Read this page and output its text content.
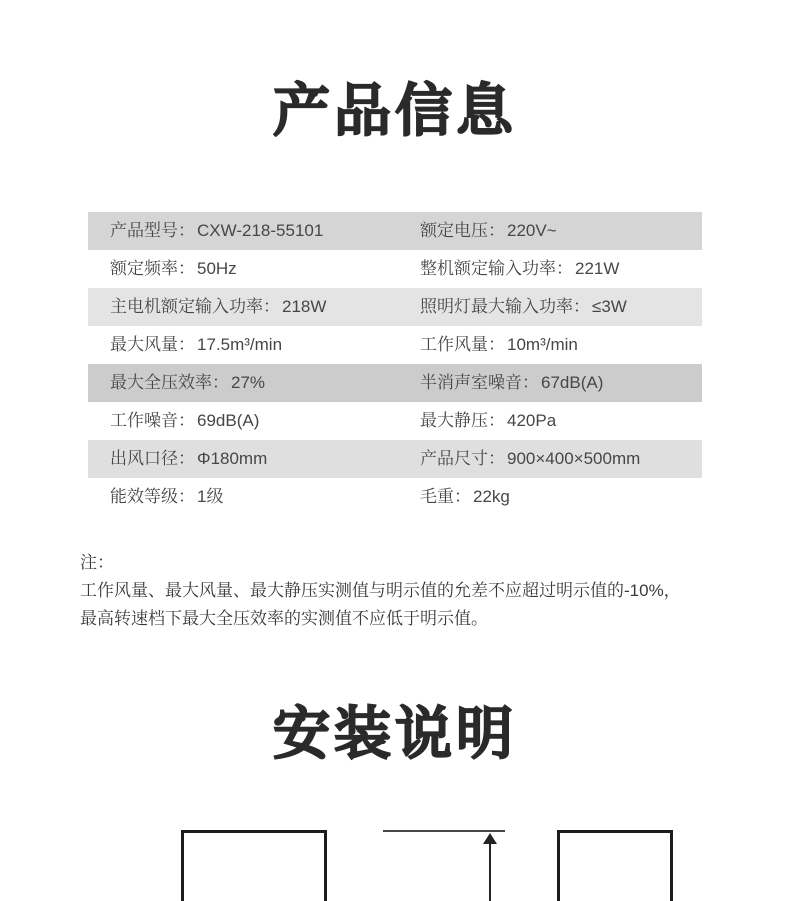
产品信息
产品型号： CXW-218-55101	额定电压： 220V~
额定频率： 50Hz	整机额定输入功率： 221W
主电机额定输入功率： 218W	照明灯最大输入功率： ≤3W
最大风量： 17.5m³/min	工作风量： 10m³/min
最大全压效率： 27%	半消声室噪音： 67dB(A)
工作噪音： 69dB(A)	最大静压： 420Pa
出风口径： Φ180mm	产品尺寸： 900×400×500mm
能效等级： 1级	毛重： 22kg
注：
工作风量、最大风量、最大静压实测值与明示值的允差不应超过明示值的-10%，
最高转速档下最大全压效率的实测值不应低于明示值。
安装说明
